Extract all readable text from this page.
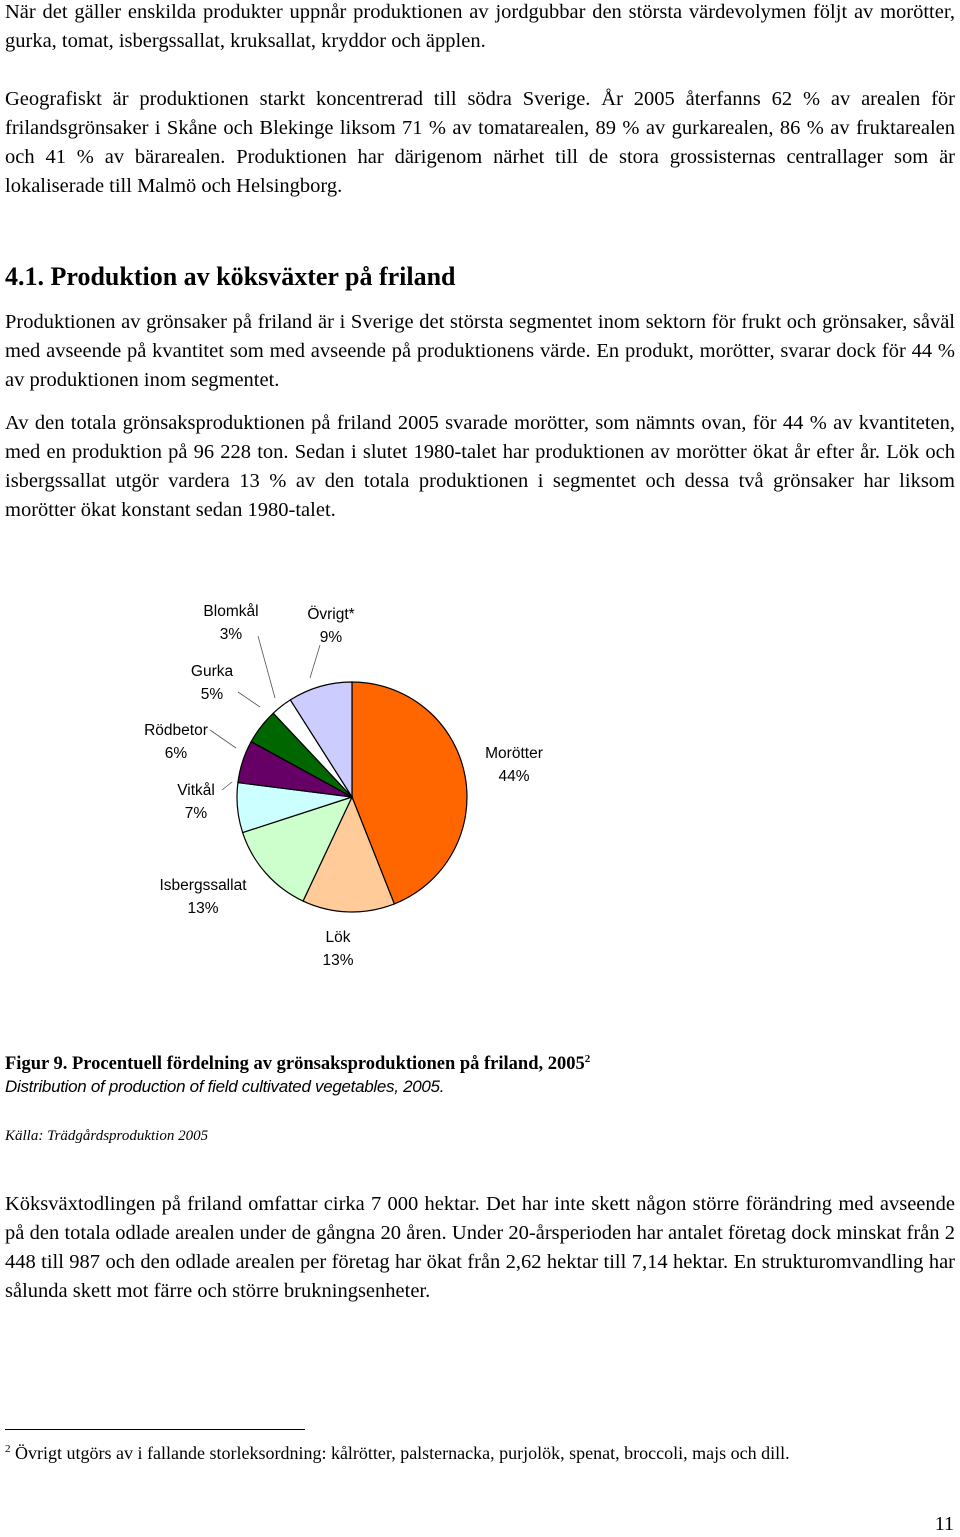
När det gäller enskilda produkter uppnår produktionen av jordgubbar den största värdevolymen följt av morötter, gurka, tomat, isbergssallat, kruksallat, kryddor och äpplen.

Geografiskt är produktionen starkt koncentrerad till södra Sverige. År 2005 återfanns 62 % av arealen för frilandsgrönsaker i Skåne och Blekinge liksom 71 % av tomatarealen, 89 % av gurkarealen, 86 % av fruktarealen och 41 % av bärarealen. Produktionen har därigenom närhet till de stora grossisternas centrallager som är lokaliserade till Malmö och Helsingborg.

4.1. Produktion av köksväxter på friland

Produktionen av grönsaker på friland är i Sverige det största segmentet inom sektorn för frukt och grönsaker, såväl med avseende på kvantitet som med avseende på produktionens värde. En produkt, morötter, svarar dock för 44 % av produktionen inom segmentet.

Av den totala grönsaksproduktionen på friland 2005 svarade morötter, som nämnts ovan, för 44 % av kvantiteten, med en produktion på 96 228 ton. Sedan i slutet 1980-talet har produktionen av morötter ökat år efter år. Lök och isbergssallat utgör vardera 13 % av den totala produktionen i segmentet och dessa två grönsaker har liksom morötter ökat konstant sedan 1980-talet.

Morötter
44%
Lök
13%
Isbergssallat
13%
Vitkål
7%
Rödbetor
6%
Gurka
5%
Blomkål
3%
Övrigt*
9%
Figur 9. Procentuell fördelning av grönsaksproduktionen på friland, 2005$^2$
Distribution of production of field cultivated vegetables, 2005.
Källa: Trädgårdsproduktion 2005

Köksväxtodlingen på friland omfattar cirka 7 000 hektar. Det har inte skett någon större förändring med avseende på den totala odlade arealen under de gångna 20 åren. Under 20-årsperioden har antalet företag dock minskat från 2 448 till 987 och den odlade arealen per företag har ökat från 2,62 hektar till 7,14 hektar. En strukturomvandling har sålunda skett mot färre och större brukningsenheter.

$^2$ Övrigt utgörs av i fallande storleksordning: kålrötter, palsternacka, purjolök, spenat, broccoli, majs och dill.
11
